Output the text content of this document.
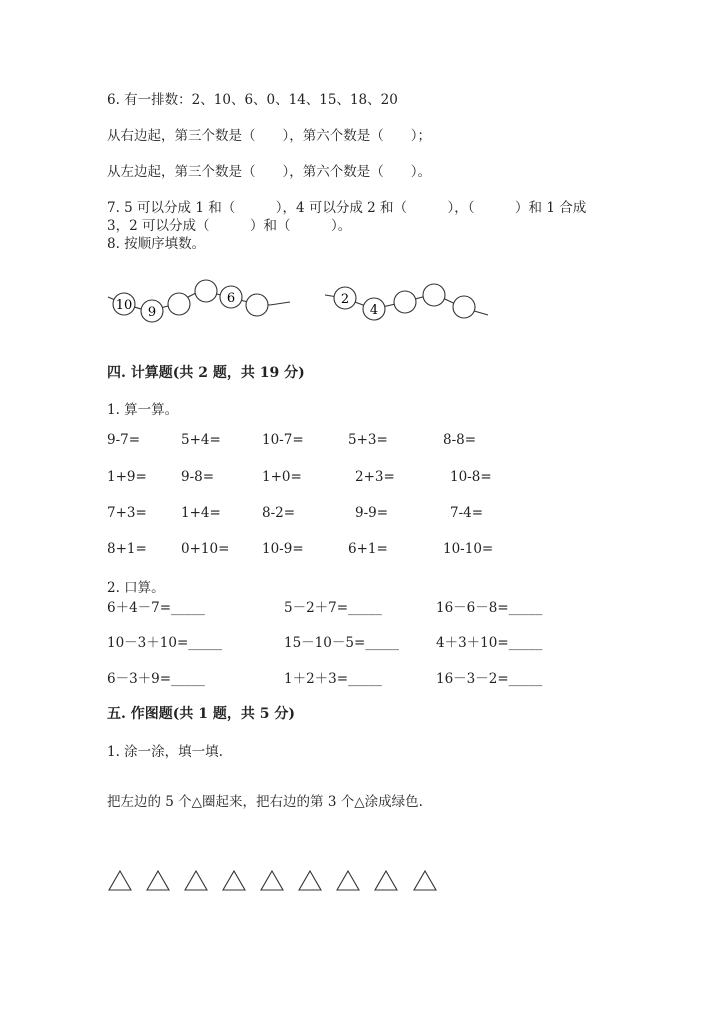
6. 有一排数：2、10、6、0、14、15、18、20
从右边起，第三个数是（　　），第六个数是（　　）；
从左边起，第三个数是（　　），第六个数是（　　）。
7. 5 可以分成 1 和（　　　），4 可以分成 2 和（　　　），（　　　）和 1 合成
3，2 可以分成（　　　）和（　　　）。
8. 按顺序填数。
10 9
6	2
4
四. 计算题(共 2 题，共 19 分)
1. 算一算。
9-7=	5+4=	10-7=	5+3=	8-8=
1+9=	9-8=	1+0=	2+3=	10-8=
7+3=	1+4=	8-2=	9-9=	7-4=
8+1=	0+10= 10-9=	6+1=	10-10=
2. 口算。
6＋4－7=_____	5－2＋7=_____	16－6－8=_____
10－3＋10=_____	15－10－5=_____	4＋3＋10=_____
6－3＋9=_____	1＋2＋3=_____	16－3－2=_____
五. 作图题(共 1 题，共 5 分)
1. 涂一涂，填一填.
把左边的 5 个△圈起来，把右边的第 3 个△涂成绿色.
